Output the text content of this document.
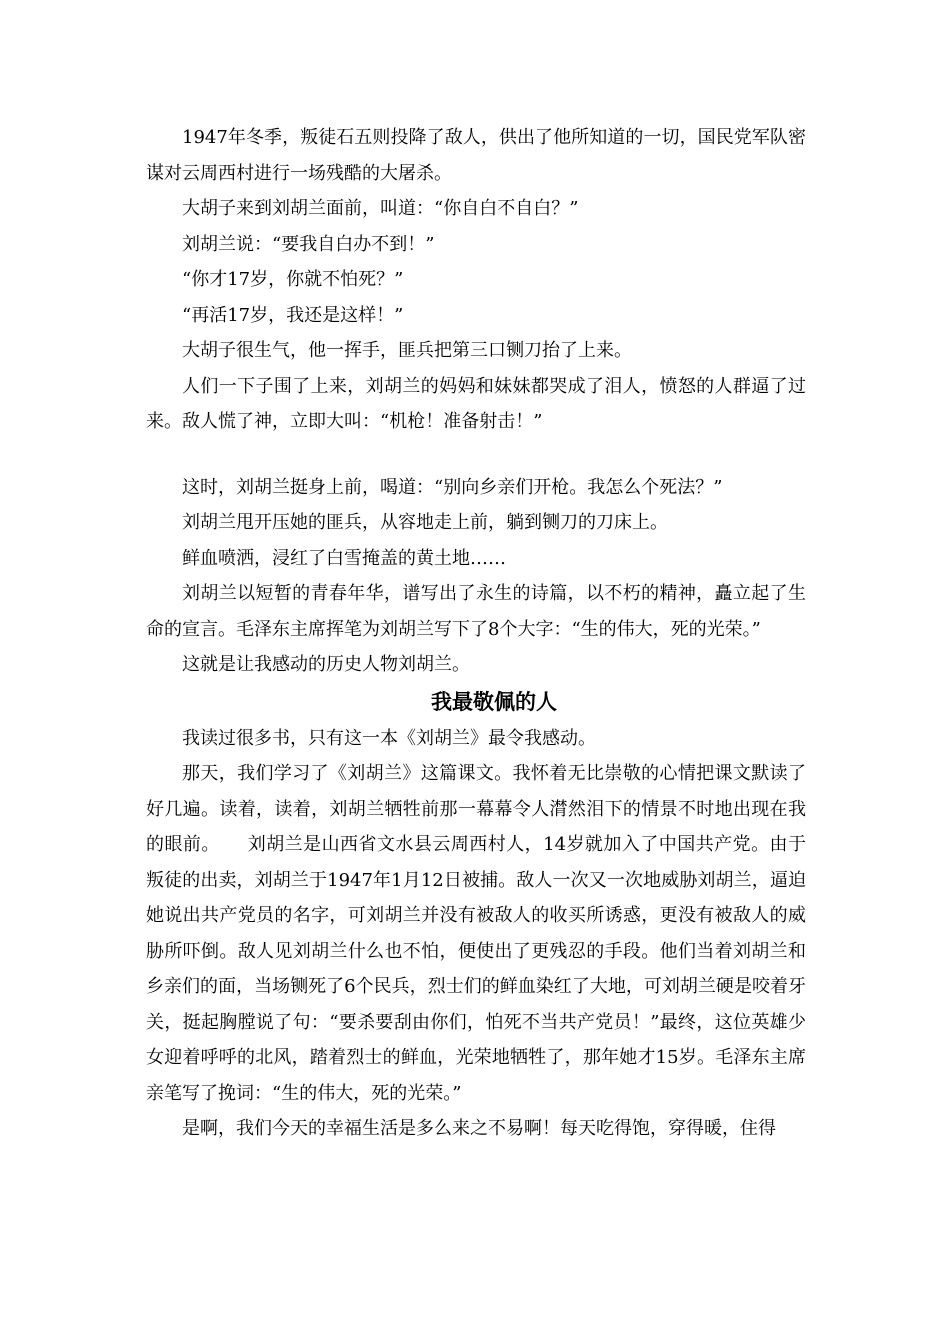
1947年冬季，叛徒石五则投降了敌人，供出了他所知道的一切，国民党军队密谋对云周西村进行一场残酷的大屠杀。

大胡子来到刘胡兰面前，叫道：“你自白不自白？”

刘胡兰说：“要我自白办不到！”

“你才17岁，你就不怕死？”

“再活17岁，我还是这样！”

大胡子很生气，他一挥手，匪兵把第三口铡刀抬了上来。

人们一下子围了上来，刘胡兰的妈妈和妹妹都哭成了泪人，愤怒的人群逼了过来。敌人慌了神，立即大叫：“机枪！准备射击！”

这时，刘胡兰挺身上前，喝道：“别向乡亲们开枪。我怎么个死法？”

刘胡兰甩开压她的匪兵，从容地走上前，躺到铡刀的刀床上。

鲜血喷洒，浸红了白雪掩盖的黄土地……

刘胡兰以短暂的青春年华，谱写出了永生的诗篇，以不朽的精神，矗立起了生命的宣言。毛泽东主席挥笔为刘胡兰写下了8个大字：“生的伟大，死的光荣。”

这就是让我感动的历史人物刘胡兰。

我最敬佩的人

我读过很多书，只有这一本《刘胡兰》最令我感动。

那天，我们学习了《刘胡兰》这篇课文。我怀着无比崇敬的心情把课文默读了好几遍。读着，读着，刘胡兰牺牲前那一幕幕令人潸然泪下的情景不时地出现在我的眼前。　　刘胡兰是山西省文水县云周西村人，14岁就加入了中国共产党。由于叛徒的出卖，刘胡兰于1947年1月12日被捕。敌人一次又一次地威胁刘胡兰，逼迫她说出共产党员的名字，可刘胡兰并没有被敌人的收买所诱惑，更没有被敌人的威胁所吓倒。敌人见刘胡兰什么也不怕，便使出了更残忍的手段。他们当着刘胡兰和乡亲们的面，当场铡死了6个民兵，烈士们的鲜血染红了大地，可刘胡兰硬是咬着牙关，挺起胸膛说了句：“要杀要刮由你们，怕死不当共产党员！”最终，这位英雄少女迎着呼呼的北风，踏着烈士的鲜血，光荣地牺牲了，那年她才15岁。毛泽东主席亲笔写了挽词：“生的伟大，死的光荣。”

是啊，我们今天的幸福生活是多么来之不易啊！每天吃得饱，穿得暖，住得
